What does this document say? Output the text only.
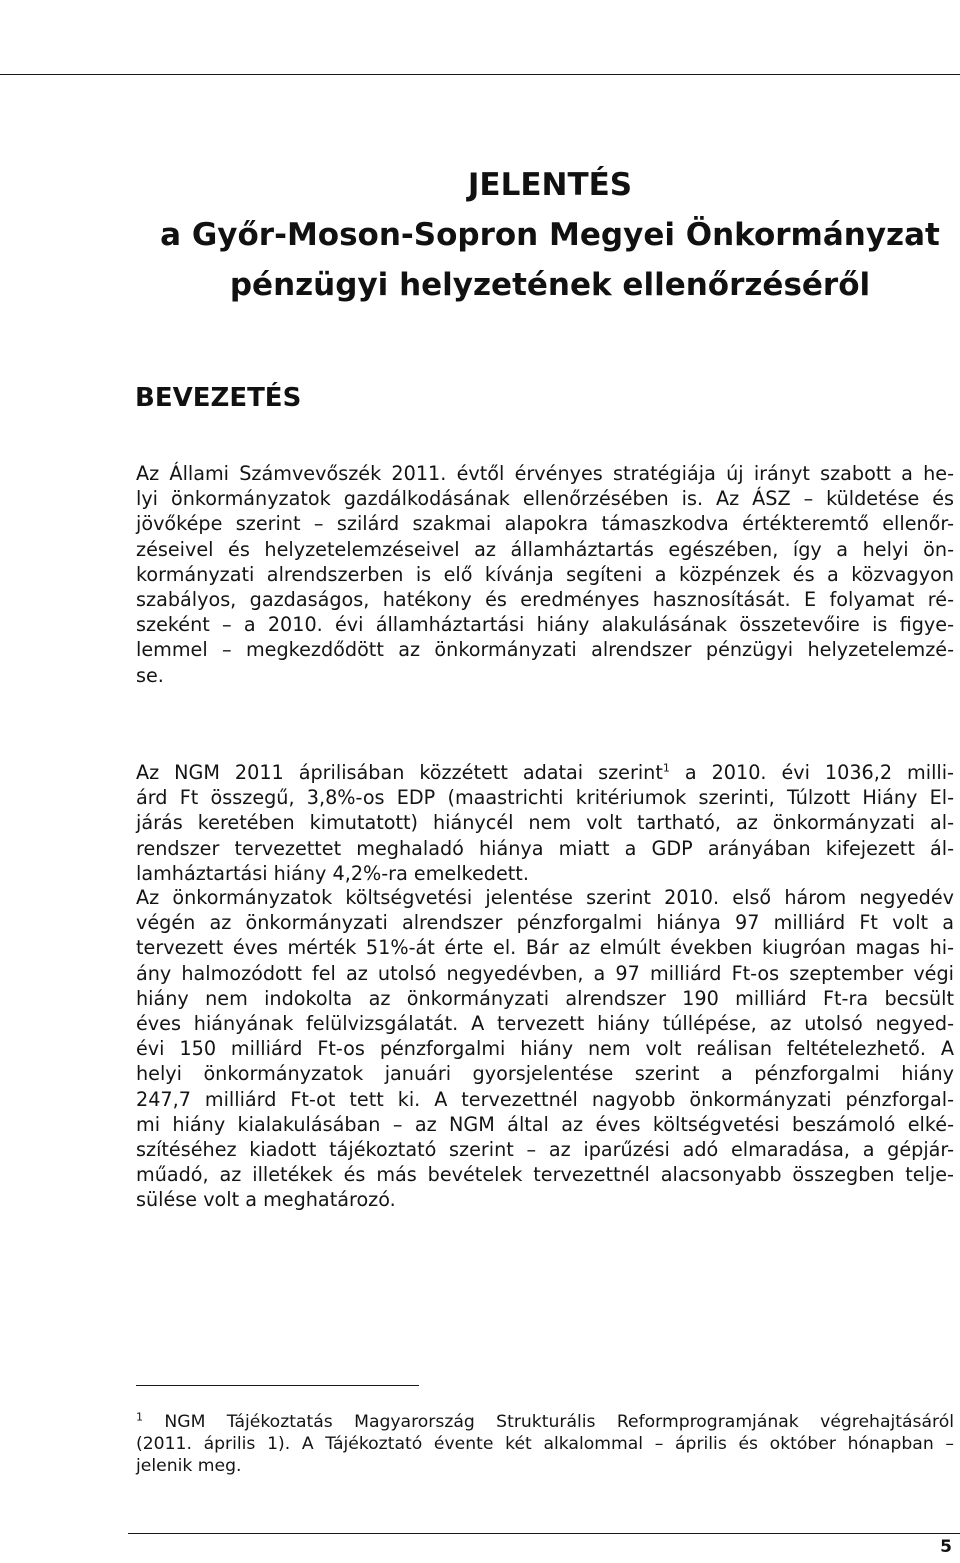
JELENTÉS
a Győr-Moson-Sopron Megyei Önkormányzat
pénzügyi helyzetének ellenőrzéséről
BEVEZETÉS
Az Állami Számvevőszék 2011. évtől érvényes stratégiája új irányt szabott a he-
lyi önkormányzatok gazdálkodásának ellenőrzésében is. Az ÁSZ – küldetése és
jövőképe szerint – szilárd szakmai alapokra támaszkodva értékteremtő ellenőr-
zéseivel és helyzetelemzéseivel az államháztartás egészében, így a helyi ön-
kormányzati alrendszerben is elő kívánja segíteni a közpénzek és a közvagyon
szabályos, gazdaságos, hatékony és eredményes hasznosítását. E folyamat ré-
szeként – a 2010. évi államháztartási hiány alakulásának összetevőire is figye-
lemmel – megkezdődött az önkormányzati alrendszer pénzügyi helyzetelemzé-
se.
Az NGM 2011 áprilisában közzétett adatai szerint$^1$ a 2010. évi 1036,2 milli-
árd Ft összegű, 3,8%-os EDP (maastrichti kritériumok szerinti, Túlzott Hiány El-
járás keretében kimutatott) hiánycél nem volt tartható, az önkormányzati al-
rendszer tervezettet meghaladó hiánya miatt a GDP arányában kifejezett ál-
lamháztartási hiány 4,2%-ra emelkedett.
Az önkormányzatok költségvetési jelentése szerint 2010. első három negyedév
végén az önkormányzati alrendszer pénzforgalmi hiánya 97 milliárd Ft volt a
tervezett éves mérték 51%-át érte el. Bár az elmúlt években kiugróan magas hi-
ány halmozódott fel az utolsó negyedévben, a 97 milliárd Ft-os szeptember végi
hiány nem indokolta az önkormányzati alrendszer 190 milliárd Ft-ra becsült
éves hiányának felülvizsgálatát. A tervezett hiány túllépése, az utolsó negyed-
évi 150 milliárd Ft-os pénzforgalmi hiány nem volt reálisan feltételezhető. A
helyi önkormányzatok januári gyorsjelentése szerint a pénzforgalmi hiány
247,7 milliárd Ft-ot tett ki. A tervezettnél nagyobb önkormányzati pénzforgal-
mi hiány kialakulásában – az NGM által az éves költségvetési beszámoló elké-
szítéséhez kiadott tájékoztató szerint – az iparűzési adó elmaradása, a gépjár-
műadó, az illetékek és más bevételek tervezettnél alacsonyabb összegben telje-
sülése volt a meghatározó.
$^1$ NGM Tájékoztatás Magyarország Strukturális Reformprogramjának végrehajtásáról
(2011. április 1). A Tájékoztató évente két alkalommal – április és október hónapban –
jelenik meg.
5
